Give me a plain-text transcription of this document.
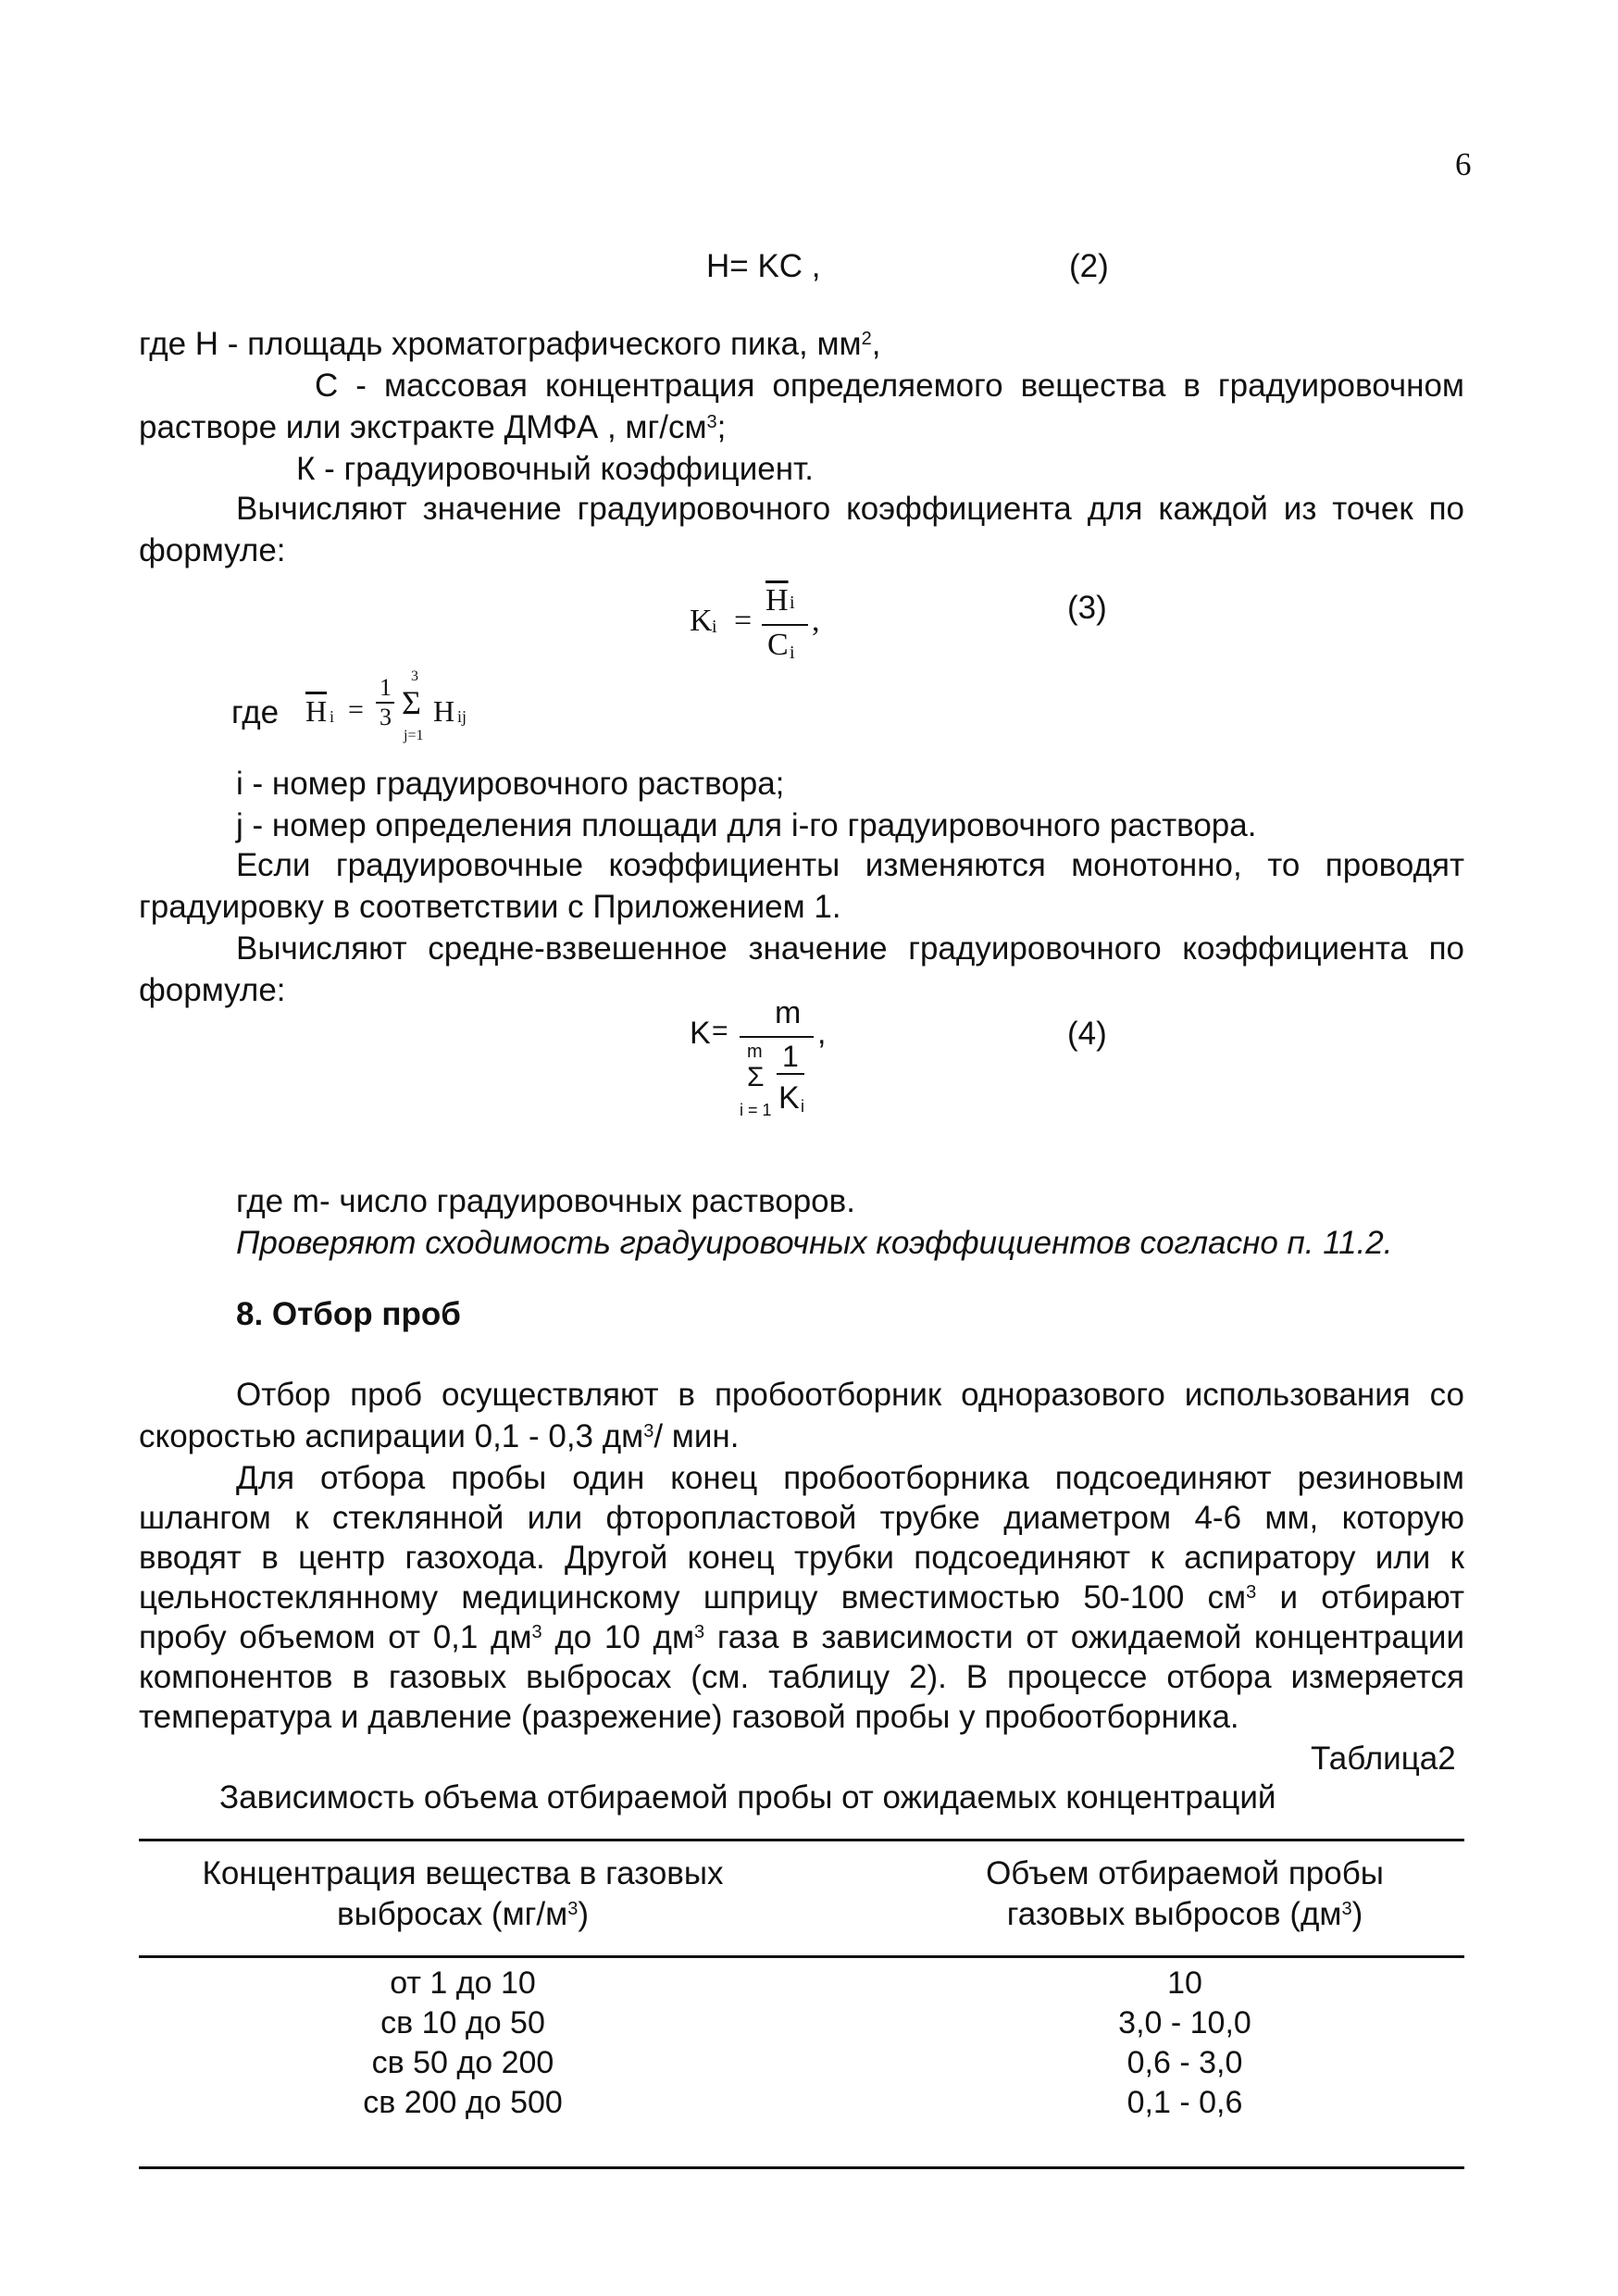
6
H= KC ,	(2)
где Н - площадь хроматографического пика, $мм^2$,
С - массовая концентрация определяемого вещества в градуировочном
растворе или экстракте ДМФА , $мг/см^3$;
К - градуировочный коэффициент.
Вычисляют значение градуировочного коэффициента для каждой из точек по
формуле:
K i =
$\overline{H}$ i
C i
,	(3)
где $\overline{H}$ i =
1
3
3
Σ
j=1
H ij
i - номер градуировочного раствора;
j - номер определения площади для i-го градуировочного раствора.
Если градуировочные коэффициенты изменяются монотонно, то проводят
градуировку в соответствии с Приложением 1.
Вычисляют средне-взвешенное значение градуировочного коэффициента по
формуле:
K =
m
m 1
Σ
i = 1 K i
,	(4)
где m- число градуировочных растворов.
Проверяют сходимость градуировочных коэффициентов согласно п. 11.2.
8. Отбор проб
Отбор проб осуществляют в пробоотборник одноразового использования со
скоростью аспирации 0,1 - 0,3 $дм^3/$ мин.
Для отбора пробы один конец пробоотборника подсоединяют резиновым
шлангом к стеклянной или фторопластовой трубке диаметром 4-6 мм, которую
вводят в центр газохода. Другой конец трубки подсоединяют к аспиратору или к
цельностеклянному медицинскому шприцу вместимостью 50-100 $см^3$ и отбирают
пробу объемом от 0,1 $дм^3$ до 10 $дм^3$ газа в зависимости от ожидаемой концентрации
компонентов в газовых выбросах (см. таблицу 2). В процессе отбора измеряется
температура и давление (разрежение) газовой пробы у пробоотборника.
Таблица2
Зависимость объема отбираемой пробы от ожидаемых концентраций
Концентрация вещества в газовых
выбросах $(мг/м^3)$
Объем отбираемой пробы
газовых выбросов $(дм^3)$
от 1 до 10	10
св 10 до 50	3,0 - 10,0
св 50 до 200	0,6 - 3,0
св 200 до 500	0,1 - 0,6
